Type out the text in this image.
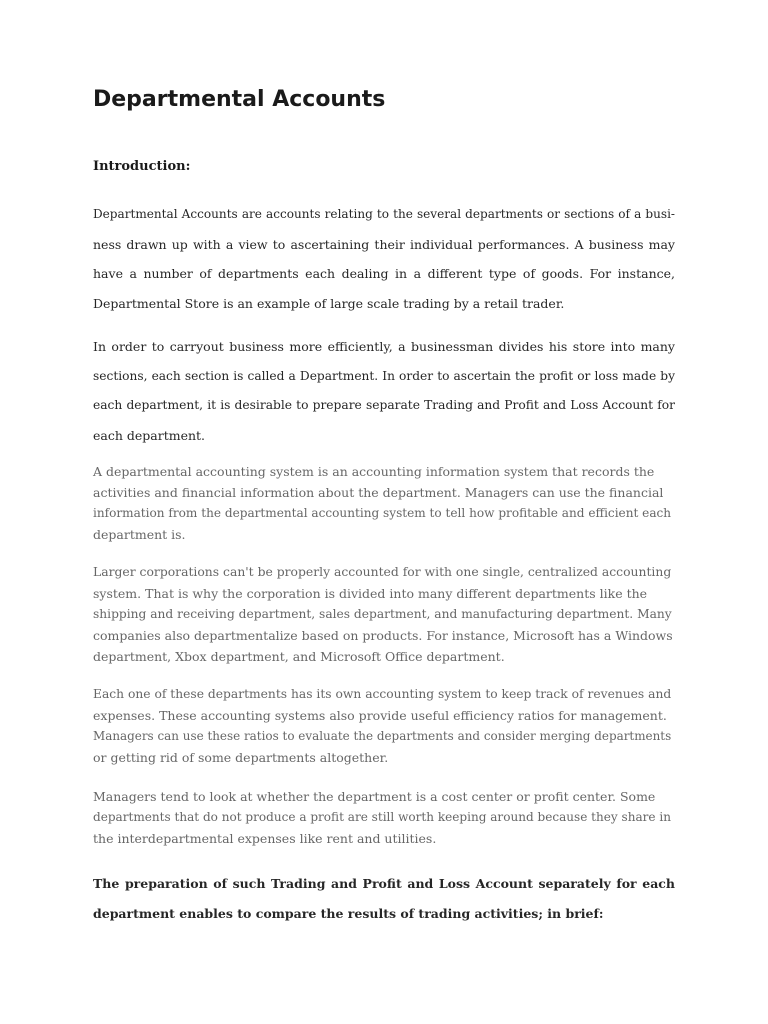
Departmental Accounts
Introduction:

Departmental Accounts are accounts relating to the several departments or sections of a busi-
ness drawn up with a view to ascertaining their individual performances. A business may
have a number of departments each dealing in a different type of goods. For instance,
Departmental Store is an example of large scale trading by a retail trader.

In order to carryout business more efficiently, a businessman divides his store into many
sections, each section is called a Department. In order to ascertain the profit or loss made by
each department, it is desirable to prepare separate Trading and Profit and Loss Account for
each department.

A departmental accounting system is an accounting information system that records the
activities and financial information about the department. Managers can use the financial
information from the departmental accounting system to tell how profitable and efficient each
department is.

Larger corporations can't be properly accounted for with one single, centralized accounting
system. That is why the corporation is divided into many different departments like the
shipping and receiving department, sales department, and manufacturing department. Many
companies also departmentalize based on products. For instance, Microsoft has a Windows
department, Xbox department, and Microsoft Office department.

Each one of these departments has its own accounting system to keep track of revenues and
expenses. These accounting systems also provide useful efficiency ratios for management.
Managers can use these ratios to evaluate the departments and consider merging departments
or getting rid of some departments altogether.

Managers tend to look at whether the department is a cost center or profit center. Some
departments that do not produce a profit are still worth keeping around because they share in
the interdepartmental expenses like rent and utilities.

The preparation of such Trading and Profit and Loss Account separately for each
department enables to compare the results of trading activities; in brief:
